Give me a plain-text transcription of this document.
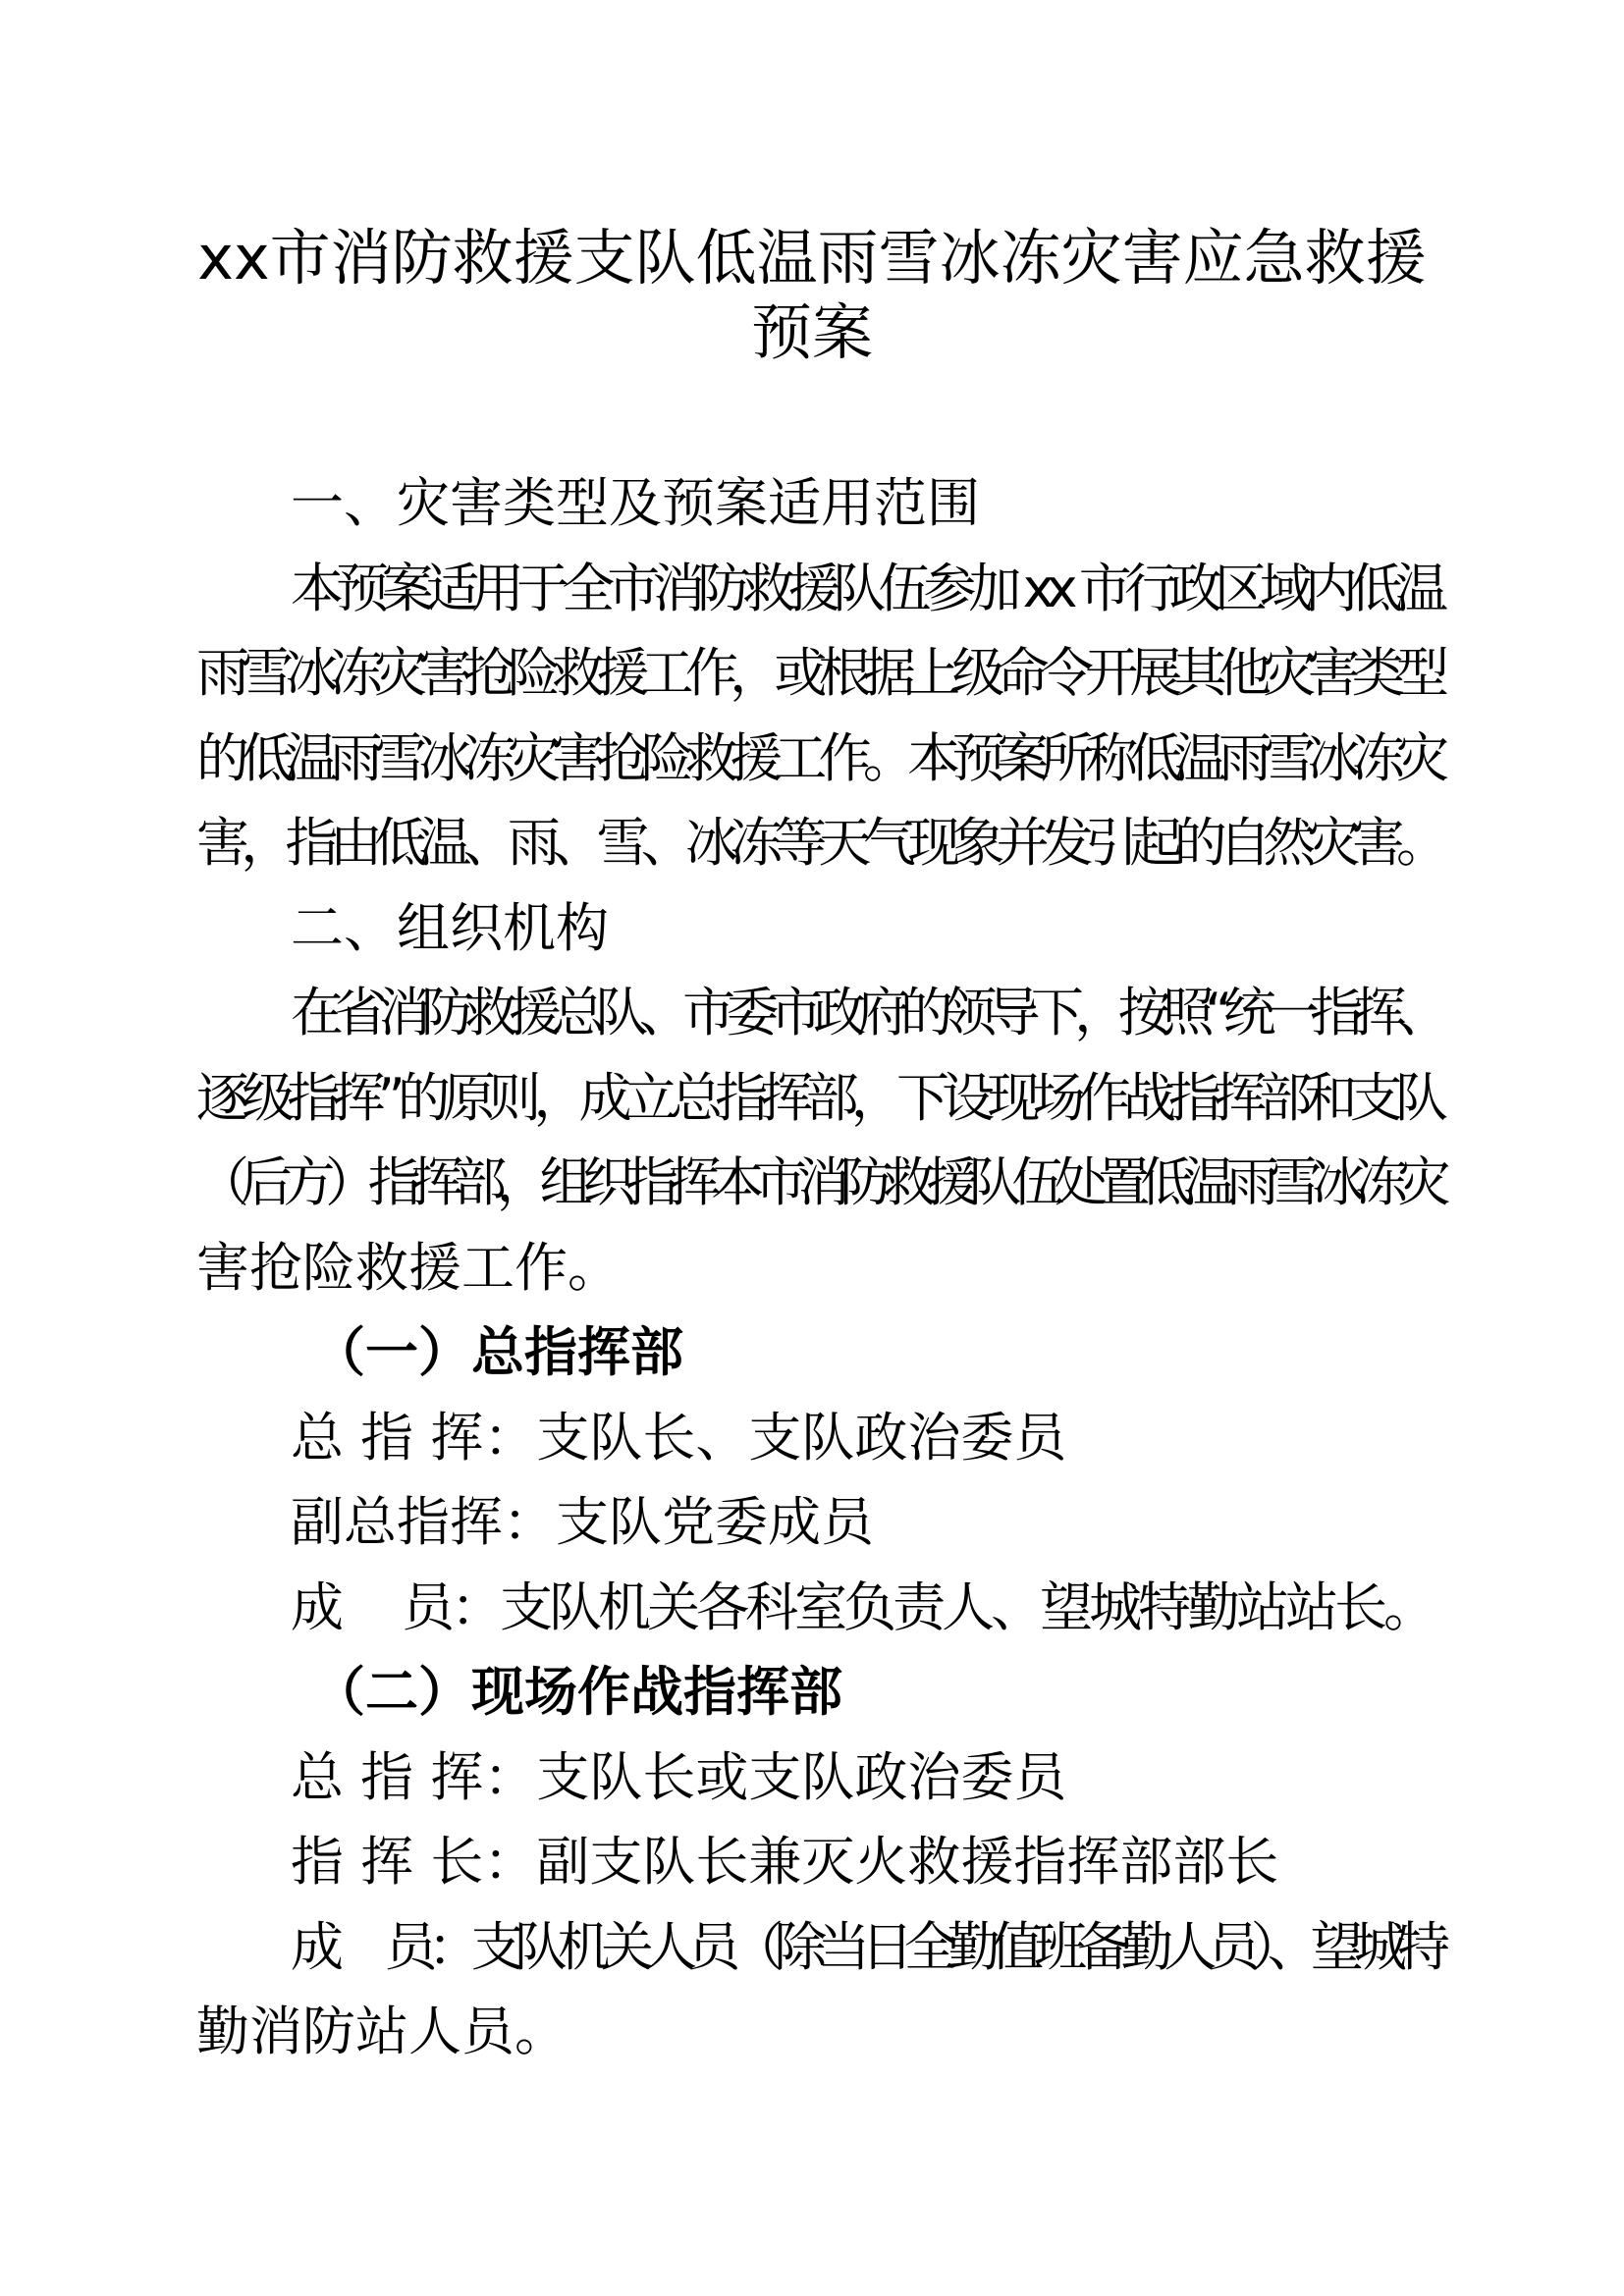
xx市消防救援支队低温雨雪冰冻灾害应急救援
预案
一、灾害类型及预案适用范围
本预案适用于全市消防救援队伍参加 xx 市行政区域内低温
雨雪冰冻灾害抢险救援工作，或根据上级命令开展其他灾害类型
的低温雨雪冰冻灾害抢险救援工作。本预案所称低温雨雪冰冻灾
害，指由低温、雨、雪、冰冻等天气现象并发引起的自然灾害。
二、组织机构
在省消防救援总队、市委市政府的领导下，按照“统一指挥、
逐级指挥”的原则，成立总指挥部，下设现场作战指挥部和支队
（后方）指挥部，组织指挥本市消防救援队伍处置低温雨雪冰冻灾
害抢险救援工作。
（一）总指挥部
总 指 挥：支队长、支队政治委员
副总指挥：支队党委成员
成　 员：支队机关各科室负责人、望城特勤站站长。
（二）现场作战指挥部
总 指 挥：支队长或支队政治委员
指 挥 长：副支队长兼灭火救援指挥部部长
成　 员：支队机关人员（除当日全勤值班备勤人员）、望城特
勤消防站人员。
